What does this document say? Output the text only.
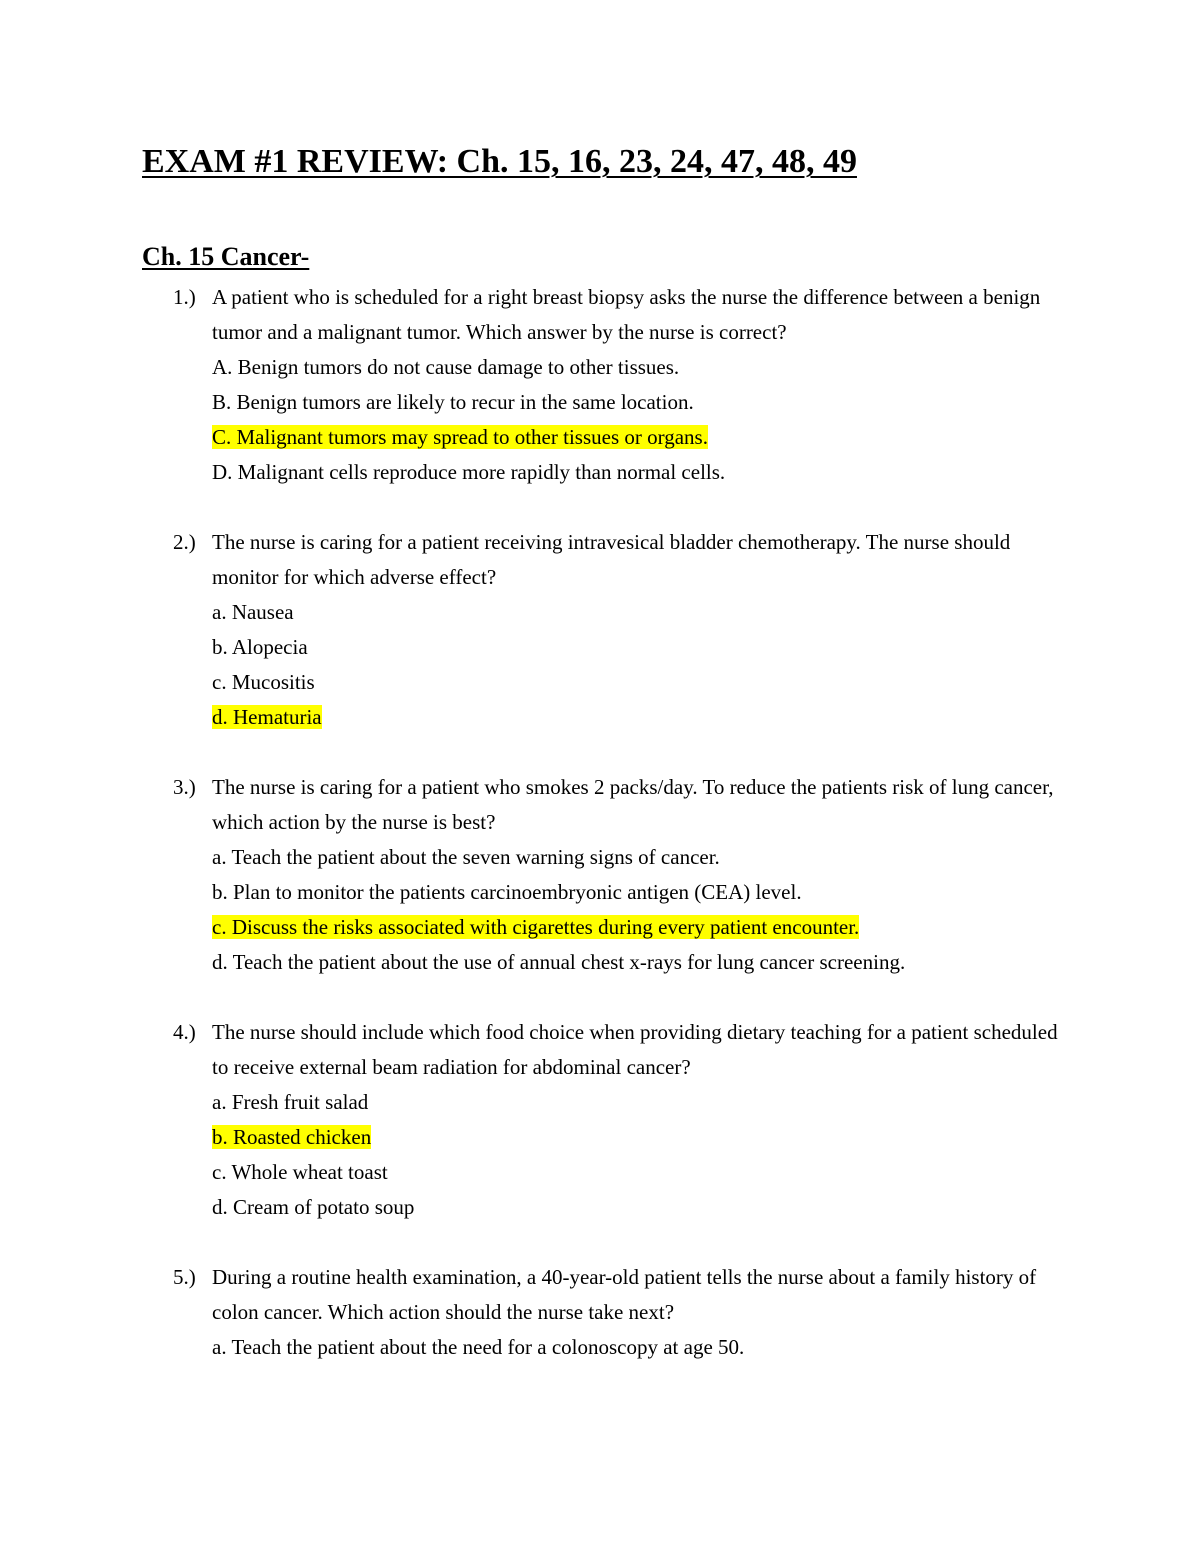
EXAM #1 REVIEW: Ch. 15, 16, 23, 24, 47, 48, 49
Ch. 15 Cancer-
1.) A patient who is scheduled for a right breast biopsy asks the nurse the difference between a benign tumor and a malignant tumor. Which answer by the nurse is correct?

A. Benign tumors do not cause damage to other tissues.

B. Benign tumors are likely to recur in the same location.

C. Malignant tumors may spread to other tissues or organs.

D. Malignant cells reproduce more rapidly than normal cells.

2.) The nurse is caring for a patient receiving intravesical bladder chemotherapy. The nurse should monitor for which adverse effect?

a. Nausea

b. Alopecia

c. Mucositis

d. Hematuria

3.) The nurse is caring for a patient who smokes 2 packs/day. To reduce the patients risk of lung cancer, which action by the nurse is best?

a. Teach the patient about the seven warning signs of cancer.

b. Plan to monitor the patients carcinoembryonic antigen (CEA) level.

c. Discuss the risks associated with cigarettes during every patient encounter.

d. Teach the patient about the use of annual chest x-rays for lung cancer screening.

4.) The nurse should include which food choice when providing dietary teaching for a patient scheduled to receive external beam radiation for abdominal cancer?

a. Fresh fruit salad

b. Roasted chicken

c. Whole wheat toast

d. Cream of potato soup

5.) During a routine health examination, a 40-year-old patient tells the nurse about a family history of colon cancer. Which action should the nurse take next?

a. Teach the patient about the need for a colonoscopy at age 50.
